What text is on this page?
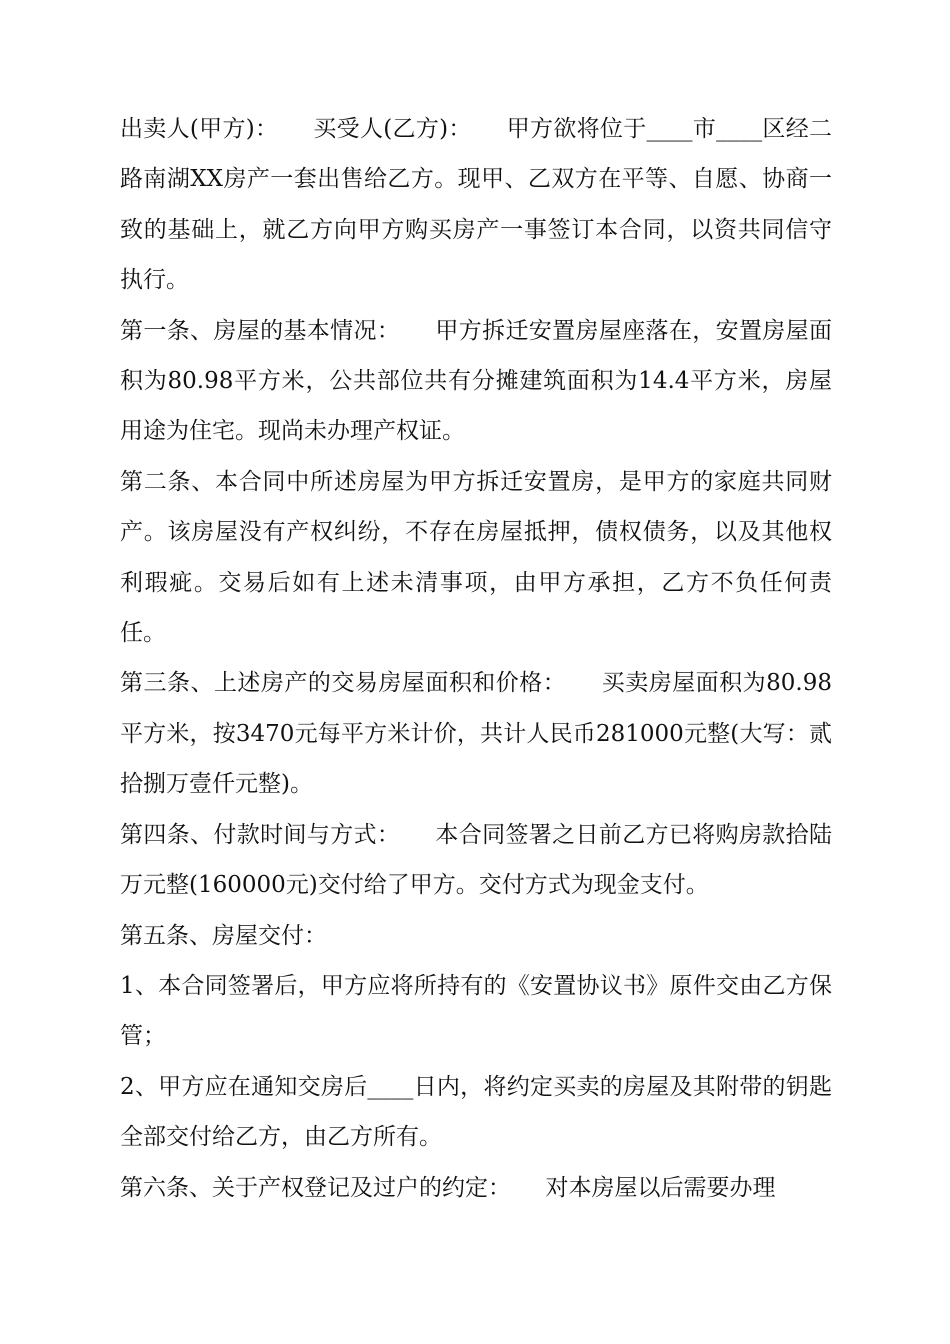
出卖人(甲方)：　　买受人(乙方)：　　甲方欲将位于____市____区经二路南湖XX房产一套出售给乙方。现甲、乙双方在平等、自愿、协商一致的基础上，就乙方向甲方购买房产一事签订本合同，以资共同信守执行。

第一条、房屋的基本情况：　　甲方拆迁安置房屋座落在，安置房屋面积为80.98平方米，公共部位共有分摊建筑面积为14.4平方米，房屋用途为住宅。现尚未办理产权证。

第二条、本合同中所述房屋为甲方拆迁安置房，是甲方的家庭共同财产。该房屋没有产权纠纷，不存在房屋抵押，债权债务，以及其他权利瑕疵。交易后如有上述未清事项，由甲方承担，乙方不负任何责任。

第三条、上述房产的交易房屋面积和价格：　　买卖房屋面积为80.98平方米，按3470元每平方米计价，共计人民币281000元整(大写：贰拾捌万壹仟元整)。

第四条、付款时间与方式：　　本合同签署之日前乙方已将购房款拾陆万元整(160000元)交付给了甲方。交付方式为现金支付。

第五条、房屋交付：

1、本合同签署后，甲方应将所持有的《安置协议书》原件交由乙方保管；

2、甲方应在通知交房后____日内，将约定买卖的房屋及其附带的钥匙全部交付给乙方，由乙方所有。

第六条、关于产权登记及过户的约定：　　对本房屋以后需要办理
